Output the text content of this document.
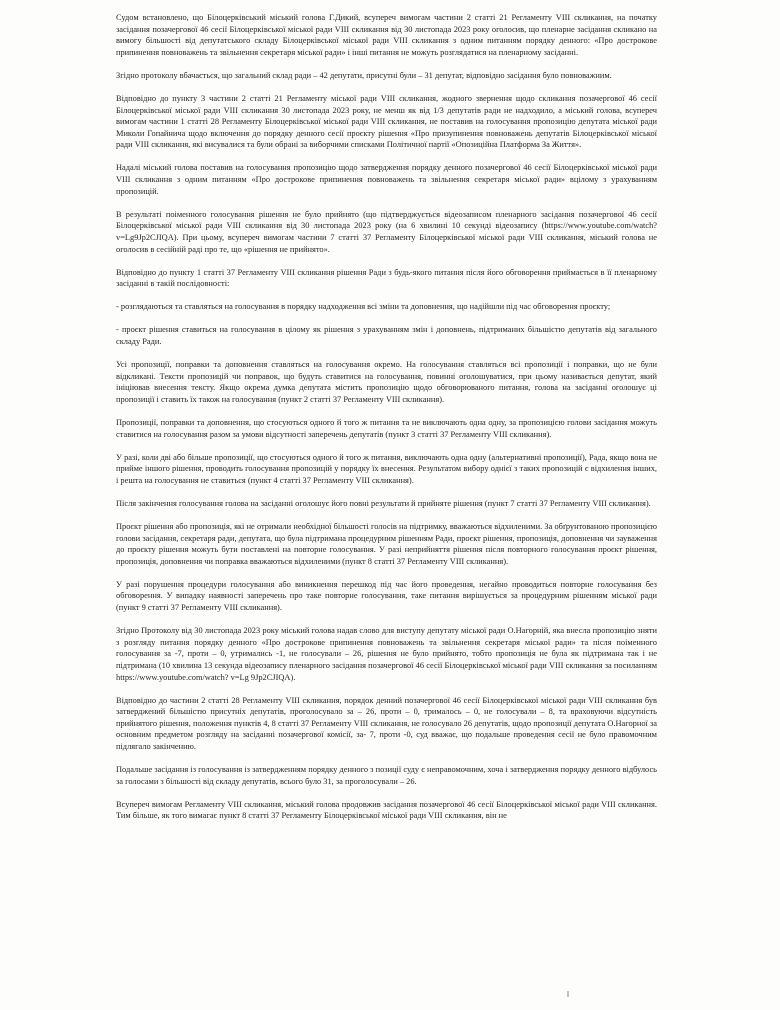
Судом встановлено, що Білоцерківський міський голова Г.Дикий, всупереч вимогам частини 2 статті 21 Регламенту VIII скликання, на початку засідання позачергової 46 сесії Білоцерківської міської ради VIII скликання від 30 листопада 2023 року оголосив, що пленарне засідання скликано на вимогу більшості від депутатського складу Білоцерківської міської ради VIII скликання з одним питанням порядку денного: «Про дострокове припинення повноважень та звільнення секретаря міської ради» і інші питання не можуть розглядатися на пленарному засіданні.

Згідно протоколу вбачається, що загальний склад ради – 42 депутати, присутні були – 31 депутат, відповідно засідання було повноважним.

Відповідно до пункту 3 частини 2 статті 21 Регламенту міської ради VIII скликання, жодного звернення щодо скликання позачергової 46 сесії Білоцерківської міської ради VIII скликання 30 листопада 2023 року, не менш як від 1/3 депутатів ради не надходило, а міський голова, всупереч вимогам частини 1 статті 28 Регламенту Білоцерківської міської ради VIII скликання, не поставив на голосування пропозицію депутата міської ради Миколи Гопайнича щодо включення до порядку денного сесії проєкту рішення «Про призупинення повноважень депутатів Білоцерківської міської ради VIII скликання, які висувалися та були обрані за виборчими списками Політичної партії «Опозиційна Платформа За Життя».

Надалі міський голова поставив на голосування пропозицію щодо затвердження порядку денного позачергової 46 сесії Білоцерківської міської ради VIII скликання з одним питанням «Про дострокове припинення повноважень та звільнення секретаря міської ради» вцілому з урахуванням пропозицій.

В результаті поіменного голосування рішення не було прийнято (що підтверджується відеозаписом пленарного засідання позачергової 46 сесії Білоцерківської міської ради VIII скликання від 30 листопада 2023 року (на 6 хвилині 10 секунді відеозапису (https://www.youtube.com/watch?v=Lg9Jp2CJIQA). При цьому, всупереч вимогам частини 7 статті 37 Регламенту Білоцерківської міської ради VIII скликання, міський голова не оголосив в сесійній раді про те, що «рішення не прийнято».

Відповідно до пункту 1 статті 37 Регламенту VIII скликання рішення Ради з будь-якого питання після його обговорення приймається в її пленарному засіданні в такій послідовності:

- розглядаються та ставляться на голосування в порядку надходження всі зміни та доповнення, що надійшли під час обговорення проєкту;

- проєкт рішення ставиться на голосування в цілому як рішення з урахуванням змін і доповнень, підтриманих більшістю депутатів від загального складу Ради.

Усі пропозиції, поправки та доповнення ставляться на голосування окремо. На голосування ставляться всі пропозиції і поправки, що не були відкликані. Тексти пропозицій чи поправок, що будуть ставитися на голосування, повинні оголошуватися, при цьому називається депутат, який ініціював внесення тексту. Якщо окрема думка депутата містить пропозицію щодо обговорюваного питання, голова на засіданні оголошує ці пропозиції і ставить їх також на голосування (пункт 2 статті 37 Регламенту VIII скликання).

Пропозиції, поправки та доповнення, що стосуються одного й того ж питання та не виключають одна одну, за пропозицією голови засідання можуть ставитися на голосування разом за умови відсутності заперечень депутатів (пункт 3 статті 37 Регламенту VIII скликання).

У разі, коли дві або більше пропозиції, що стосуються одного й того ж питання, виключають одна одну (альтернативні пропозиції), Рада, якщо вона не прийме іншого рішення, проводить голосування пропозицій у порядку їх внесення. Результатом вибору однієї з таких пропозицій є відхилення інших, і решта на голосування не ставиться (пункт 4 статті 37 Регламенту VIII скликання).

Після закінчення голосування голова на засіданні оголошує його повні результати й прийняте рішення (пункт 7 статті 37 Регламенту VIII скликання).

Проєкт рішення або пропозиція, які не отримали необхідної більшості голосів на підтримку, вважаються відхиленими. За обґрунтованою пропозицією голови засідання, секретаря ради, депутата, що була підтримана процедурним рішенням Ради, проєкт рішення, пропозиція, доповнення чи зауваження до проєкту рішення можуть бути поставлені на повторне голосування. У разі неприйняття рішення після повторного голосування проєкт рішення, пропозиція, доповнення чи поправка вважаються відхиленими (пункт 8 статті 37 Регламенту VIII скликання).

У разі порушення процедури голосування або виникнення перешкод під час його проведення, негайно проводиться повторне голосування без обговорення. У випадку наявності заперечень про таке повторне голосування, таке питання вирішується за процедурним рішенням міської ради (пункт 9 статті 37 Регламенту VIII скликання).

Згідно Протоколу від 30 листопада 2023 року міський голова надав слово для виступу депутату міської ради О.Нагорній, яка внесла пропозицію зняти з розгляду питання порядку денного «Про дострокове припинення повноважень та звільнення секретаря міської ради» та після поіменного голосування за -7, проти – 0, утримались -1, не голосували – 26, рішення не було прийнято, тобто пропозиція не була як підтримана так і не підтримана (10 хвилина 13 секунда відеозапису пленарного засідання позачергової 46 сесії Білоцерківської міської ради VIII скликання за посиланням https://www.youtube.com/watch? v=Lg 9Jp2CJIQA).

Відповідно до частини 2 статті 28 Регламенту VIII скликання, порядок денний позачергової 46 сесії Білоцерківської міської ради VIII скликання був затверджений більшістю присутніх депутатів, проголосувало за – 26, проти – 0, трималось – 0, не голосували – 8, та враховуючи відсутність прийнятого рішення, положення пунктів 4, 8 статті 37 Регламенту VIII скликання, не голосувало 26 депутатів, щодо пропозиції депутата О.Нагорної за основним предметом розгляду на засіданні позачергової комісії, за- 7, проти -0, суд вважає, що подальше проведення сесії не було правомочним підлягало закінченню.

Подальше засідання із голосування із затвердженням порядку денного з позиції суду є неправомочним, хоча і затвердження порядку денного відбулось за голосами з більшості від складу депутатів, всього було 31, за проголосували – 26.

Всупереч вимогам Регламенту VIII скликання, міський голова продовжив засідання позачергової 46 сесії Білоцерківської міської ради VIII скликання. Тим більше, як того вимагає пункт 8 статті 37 Регламенту Білоцерківської міської ради VIII скликання, він не
